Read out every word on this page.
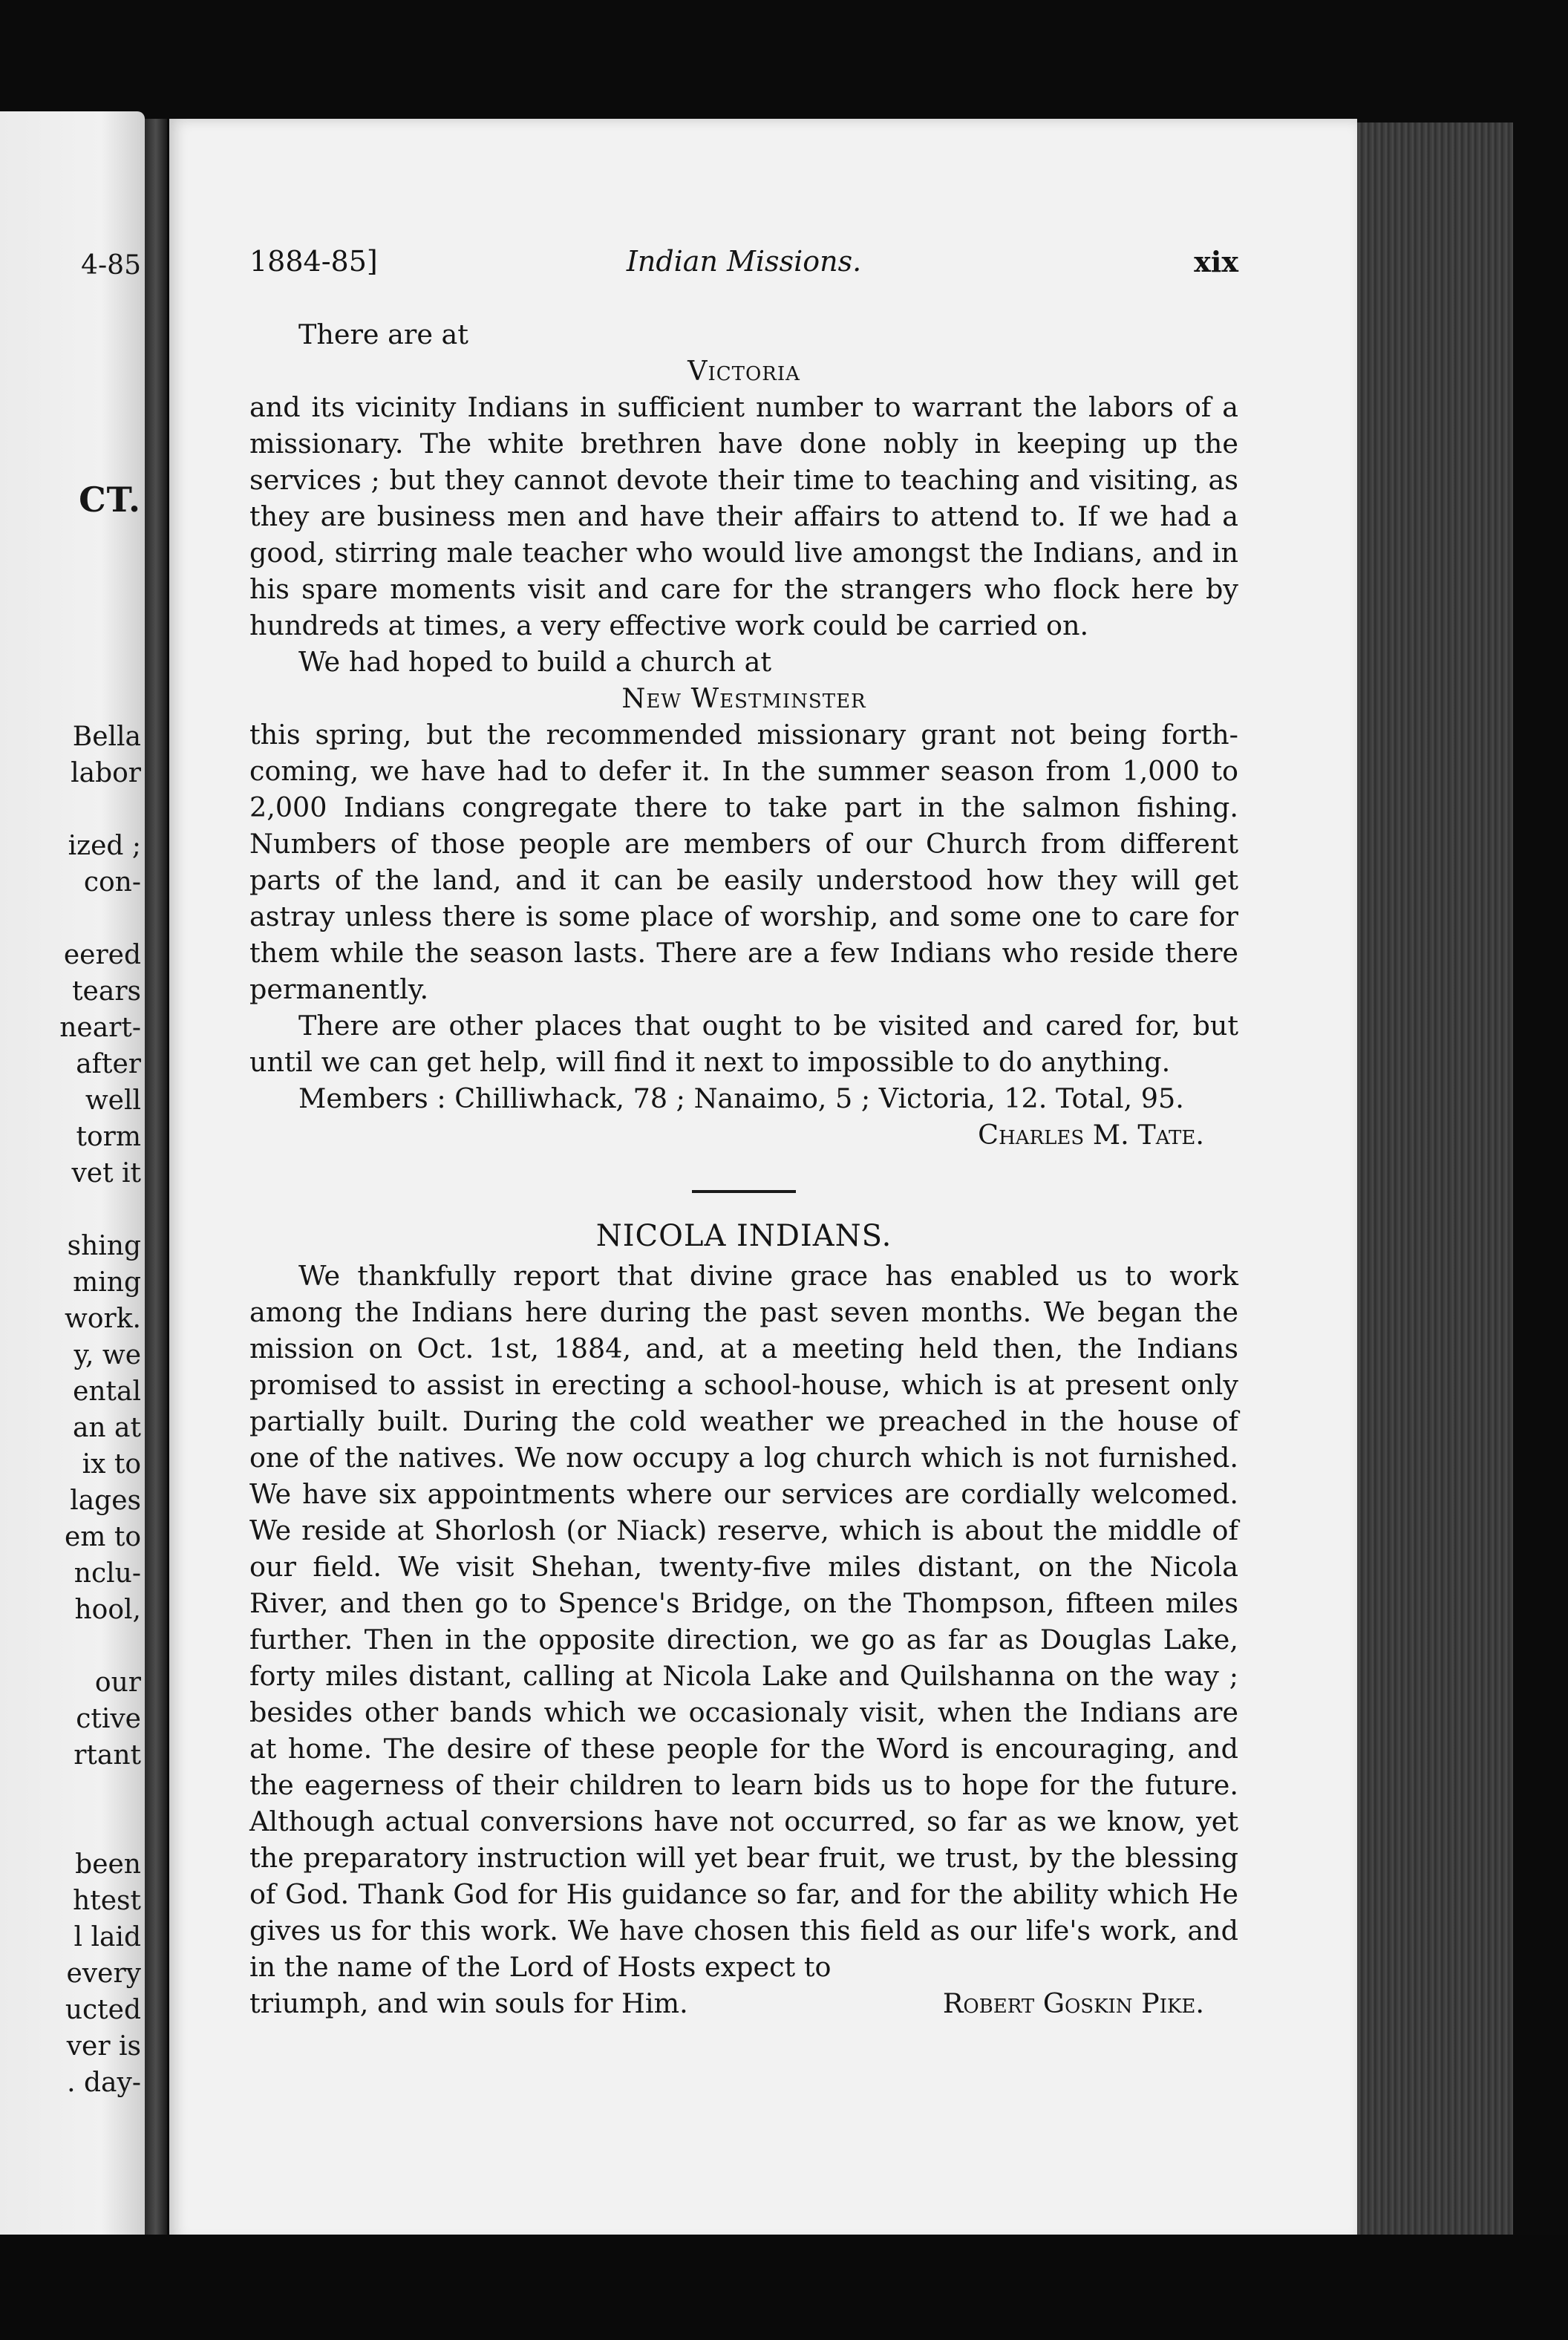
4-85
CT.
Bella
labor
ized ;
con-
eered
tears
neart-
after
well
torm
vet it
shing
ming
work.
y, we
ental
an at
ix to
lages
em to
nclu-
hool,
our
ctive
rtant
been
htest
l laid
every
ucted
ver is
. day-
1884-85]	Indian Missions.	xix

There are at

Victoria

and its vicinity Indians in sufficient number to warrant the labors of a missionary. The white brethren have done nobly in keeping up the services ; but they cannot devote their time to teaching and visiting, as they are business men and have their affairs to attend to. If we had a good, stirring male teacher who would live amongst the Indians, and in his spare moments visit and care for the strangers who flock here by hundreds at times, a very effective work could be carried on.

We had hoped to build a church at

New Westminster

this spring, but the recommended missionary grant not being forth-coming, we have had to defer it. In the summer season from 1,000 to 2,000 Indians congregate there to take part in the salmon fishing. Numbers of those people are members of our Church from different parts of the land, and it can be easily understood how they will get astray unless there is some place of worship, and some one to care for them while the season lasts. There are a few Indians who reside there permanently.

There are other places that ought to be visited and cared for, but until we can get help, will find it next to impossible to do anything.

Members : Chilliwhack, 78 ; Nanaimo, 5 ; Victoria, 12. Total, 95.

Charles M. Tate.

NICOLA INDIANS.

We thankfully report that divine grace has enabled us to work among the Indians here during the past seven months. We began the mission on Oct. 1st, 1884, and, at a meeting held then, the Indians promised to assist in erecting a school-house, which is at present only partially built. During the cold weather we preached in the house of one of the natives. We now occupy a log church which is not furnished. We have six appointments where our services are cordially welcomed. We reside at Shorlosh (or Niack) reserve, which is about the middle of our field. We visit Shehan, twenty-five miles distant, on the Nicola River, and then go to Spence's Bridge, on the Thompson, fifteen miles further. Then in the opposite direction, we go as far as Douglas Lake, forty miles distant, calling at Nicola Lake and Quilshanna on the way ; besides other bands which we occasionaly visit, when the Indians are at home. The desire of these people for the Word is encouraging, and the eagerness of their children to learn bids us to hope for the future. Although actual conversions have not occurred, so far as we know, yet the preparatory instruction will yet bear fruit, we trust, by the blessing of God. Thank God for His guidance so far, and for the ability which He gives us for this work. We have chosen this field as our life's work, and in the name of the Lord of Hosts expect to

triumph, and win souls for Him.	Robert Goskin Pike.
